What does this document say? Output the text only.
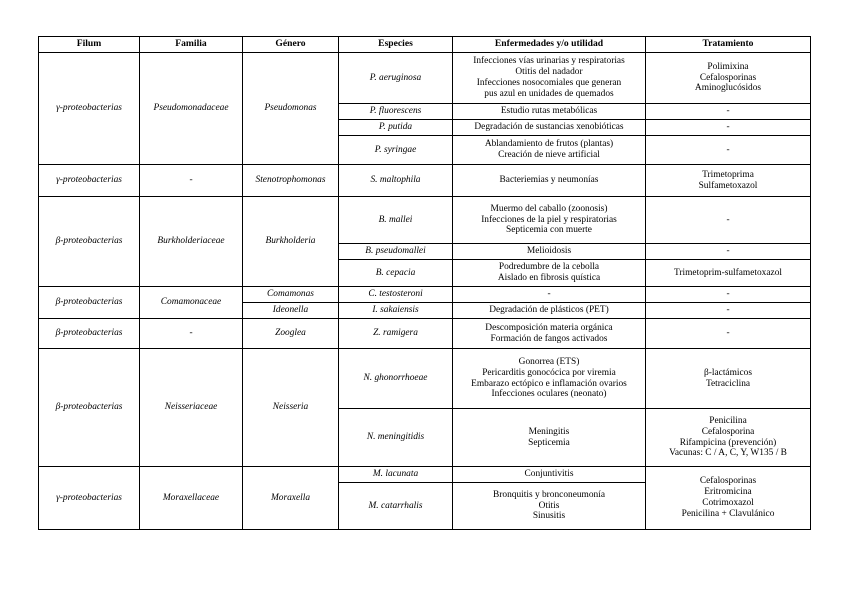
Filum	Familia	Género	Especies	Enfermedades y/o utilidad	Tratamiento

γ-proteobacterias	Pseudomonadaceae	Pseudomonas	P. aeruginosa	Infecciones vías urinarias y respiratorias
Otitis del nadador
Infecciones nosocomiales que generan
pus azul en unidades de quemados	Polimixina
Cefalosporinas
Aminoglucósidos

			P. fluorescens	Estudio rutas metabólicas	-

			P. putida	Degradación de sustancias xenobióticas	-

			P. syringae	Ablandamiento de frutos (plantas)
Creación de nieve artificial	-

γ-proteobacterias	-	Stenotrophomonas	S. maltophila	Bacteriemias y neumonías	Trimetoprima
Sulfametoxazol

β-proteobacterias	Burkholderiaceae	Burkholderia	B. mallei	Muermo del caballo (zoonosis)
Infecciones de la piel y respiratorias
Septicemia con muerte	-

			B. pseudomallei	Melioidosis	-

			B. cepacia	Podredumbre de la cebolla
Aislado en fibrosis quística	Trimetoprim-sulfametoxazol

β-proteobacterias	Comamonaceae	Comamonas	C. testosteroni	-	-

		Ideonella	I. sakaiensis	Degradación de plásticos (PET)	-

β-proteobacterias	-	Zooglea	Z. ramigera	Descomposición materia orgánica
Formación de fangos activados	-

β-proteobacterias	Neisseriaceae	Neisseria	N. ghonorrhoeae	Gonorrea (ETS)
Pericarditis gonocócica por viremia
Embarazo ectópico e inflamación ovarios
Infecciones oculares (neonato)	β-lactámicos
Tetraciclina

			N. meningitidis	Meningitis
Septicemia	Penicilina
Cefalosporina
Rifampicina (prevención)
Vacunas: C / A, C, Y, W135 / B

γ-proteobacterias	Moraxellaceae	Moraxella	M. lacunata	Conjuntivitis	Cefalosporinas
Eritromicina
Cotrimoxazol
Penicilina + Clavulánico

			M. catarrhalis	Bronquitis y bronconeumonía
Otitis
Sinusitis	
